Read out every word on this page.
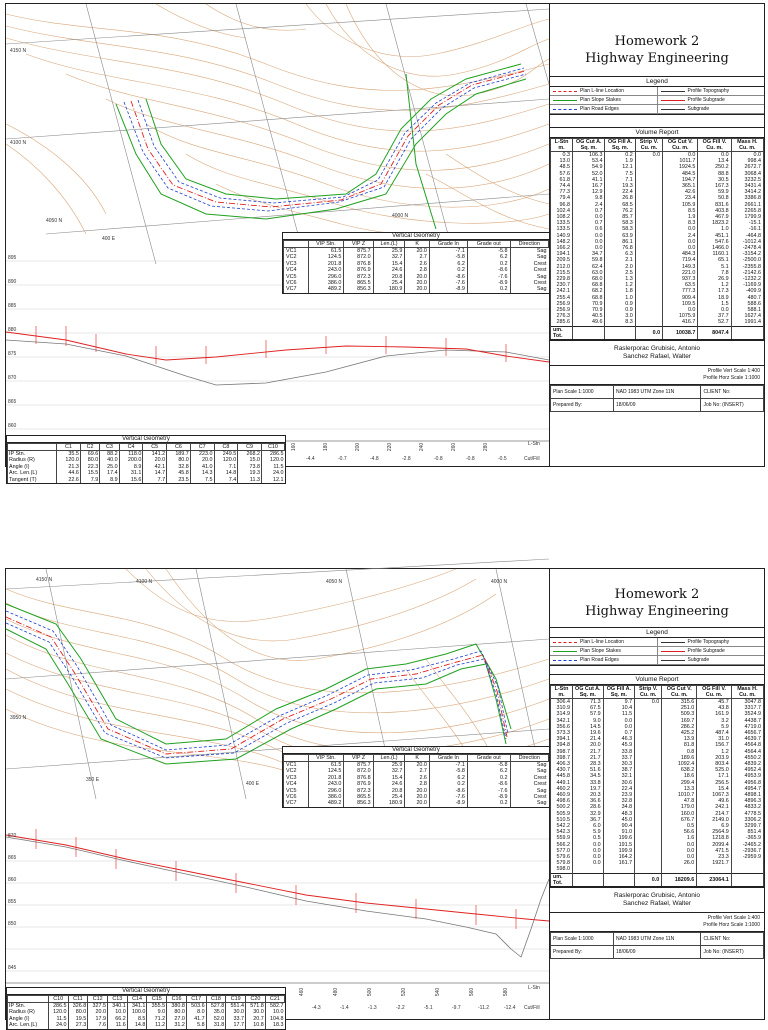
4150 N
4100 N
4050 N
400 E
4000 N
895
890
885
880
875
870
865
860
160	180	200	220	240	260	280
-4.4	-0.7	-4.8	-2.8	-0.8	-0.8	-0.5
L-Stn
Cut/Fill
Vertical Geometry
	VIP Stn.	VIP Z	Len.(L)	K	Grade In	Grade out	Direction
VC1	61.5	875.7	25.9	20.0	-7.1	-5.8	Sag
VC2	124.5	872.0	32.7	2.7	-5.8	6.2	Sag
VC3	201.8	876.8	15.4	2.6	6.2	0.2	Crest
VC4	243.0	876.9	24.6	2.8	0.2	-8.6	Crest
VC5	296.0	872.3	20.8	20.0	-8.6	-7.6	Sag
VC6	386.0	865.5	25.4	20.0	-7.6	-8.9	Crest
VC7	489.2	856.3	180.9	20.0	-8.9	0.2	Sag
Vertical Geometry
	C1	C2	C3	C4	C5	C6	C7	C8	C9	C10
IP Stn.	35.5	69.6	88.2	118.0	141.2	189.7	223.0	249.5	268.2	286.5
Radius (R)	120.0	80.0	40.0	200.0	20.0	80.0	20.0	120.0	15.0	120.0
Angle (I)	21.3	22.3	25.0	8.9	42.1	32.8	41.0	7.1	73.8	11.5
Arc. Len.(L)	44.6	15.5	17.4	31.1	14.7	45.8	14.3	14.8	19.3	24.0
Tangent (T)	22.6	7.9	8.9	15.6	7.7	23.5	7.5	7.4	11.3	12.1
Homework 2
Highway Engineering
Legend
Plan L-line Location	Profile Topography
Plan Slope Stakes	Profile Subgrade
Plan Road Edges	Subgrade
Volume Report
L-Stn m.	OG Cut A. Sq. m.	OG Fill A. Sq. m.	Strip V. Cu. m.	OG Cut V. Cu. m.	OG Fill V. Cu. m.	Mass H. Cu. m.
0.3	106.3	0.2	0.0	0.0	0.0	0.0
13.0	53.4	1.9		1011.7	13.4	998.4
48.5	54.9	12.1		1924.5	250.2	2672.7
57.6	52.0	7.5		484.5	88.8	3068.4
61.8	41.1	7.1		194.7	30.5	3232.5
74.4	16.7	19.3		365.1	167.3	3431.4
77.3	12.9	22.4		42.6	59.9	3414.2
79.4	9.8	26.8		23.4	50.8	3386.8
96.8	2.4	68.5		105.9	831.6	2661.1
102.4	0.7	76.2		8.5	403.8	2265.8
108.2	0.0	85.7		1.9	467.9	1799.9
133.5	0.7	58.3		8.3	1823.2	-15.1
133.5	0.6	58.3		0.0	1.0	-16.1
140.9	0.0	63.9		2.4	451.1	-464.8
148.2	0.0	86.1		0.0	547.6	-1012.4
166.2	0.0	76.8		0.0	1466.0	-2478.4
194.1	34.7	6.3		484.3	1160.1	-3154.2
209.5	59.8	2.1		719.4	65.1	-2500.0
212.0	62.4	2.0		149.3	5.1	-2355.8
215.5	63.0	2.5		221.0	7.8	-2142.6
229.8	68.0	1.3		937.3	26.9	-1232.2
230.7	68.8	1.2		63.5	1.2	-1169.9
242.1	68.2	1.8		777.3	17.3	-409.9
255.4	68.8	1.0		909.4	18.9	480.7
256.9	70.9	0.9		109.5	1.5	588.6
256.9	70.9	0.9		0.0	0.0	588.1
276.3	40.5	3.0		1075.9	37.7	1627.4
285.6	49.6	8.3		416.7	52.7	1991.4
um. Tot.			0.0	10038.7	8047.4	
Raslerporac Grubisic, Antonio
Sanchez Rafael, Walter
Profile Vert Scale 1:400
Profile Horz Scale 1:1000
Plan Scale 1:1000	NAD 1983 UTM Zone 11N	CLIENT No:
Prepared By:	18/06/09	Job No: (INSERT)
4150 N	4100 N	4050 N	4000 N
3950 N
350 E
400 E
870
865
860
855
850
845
460	480	500	520	540	560	580
-4.3	-1.4	-1.3	-2.2	-5.1	-9.7	-11.2	-12.4
L-Stn
Cut/Fill
Vertical Geometry
	VIP Stn.	VIP Z	Len.(L)	K	Grade In	Grade out	Direction
VC1	61.5	875.7	25.9	20.0	-7.1	-5.8	Sag
VC2	124.5	872.0	32.7	2.7	-5.8	6.2	Sag
VC3	201.8	876.8	15.4	2.6	6.2	0.2	Crest
VC4	243.0	876.9	24.6	2.8	0.2	-8.6	Crest
VC5	296.0	872.3	20.8	20.0	-8.6	-7.6	Sag
VC6	386.0	865.5	25.4	20.0	-7.6	-8.9	Crest
VC7	489.2	856.3	180.9	20.0	-8.9	0.2	Sag
Vertical Geometry
	C10	C11	C12	C13	C14	C15	C16	C17	C18	C19	C20	C21
IP Stn.	286.5	326.8	327.5	340.1	341.1	355.5	380.8	503.6	527.8	551.4	571.8	582.7
Radius (R)	120.0	80.0	20.0	10.0	100.0	9.0	80.0	8.0	35.0	30.0	30.0	10.0
Angle (I)	11.5	19.5	17.9	66.2	8.5	71.2	27.0	41.7	52.0	33.7	20.7	104.8
Arc. Len.(L)	24.0	27.3	7.6	11.6	14.8	11.2	31.2	5.8	31.8	17.7	10.8	18.3
Homework 2
Highway Engineering
Legend
Plan L-line Location	Profile Topography
Plan Slope Stakes	Profile Subgrade
Plan Road Edges	Subgrade
Volume Report
L-Stn m.	OG Cut A. Sq. m.	OG Fill A. Sq. m.	Strip V. Cu. m.	OG Cut V. Cu. m.	OG Fill V. Cu. m.	Mass H. Cu. m.
306.4	71.3	9.7	0.0	315.6	45.7	3047.8
310.9	67.5	10.4		251.0	43.8	3317.7
314.9	57.9	11.5		509.3	161.9	3524.9
342.1	9.0	0.0		169.7	3.2	4438.7
356.6	14.5	0.0		286.2	5.9	4719.0
373.3	19.6	0.7		425.2	487.4	4656.7
394.1	21.4	46.3		13.9	31.0	4639.7
394.8	20.0	45.9		81.8	156.7	4564.8
398.7	21.7	33.8		0.8	1.2	4564.4
398.7	21.7	33.7		189.6	203.9	4550.2
406.3	28.3	30.3		1092.4	803.4	4839.2
430.7	51.6	38.7		638.2	525.0	4952.4
445.8	34.5	32.1		18.6	17.1	4953.9
449.1	33.8	30.6		299.4	256.5	4956.8
460.2	19.7	22.4		13.3	15.4	4954.7
460.9	20.3	23.9		1010.7	1067.3	4898.1
498.6	36.6	32.8		47.8	49.6	4896.3
500.2	28.6	34.8		179.0	242.1	4833.2
505.9	32.9	48.3		160.0	214.7	4778.5
510.5	36.7	45.0		676.7	2149.0	3306.2
542.2	6.0	90.4		0.5	6.9	3299.7
542.3	5.9	91.0		56.6	2564.9	851.4
559.9	0.5	199.6		1.6	1218.8	-365.9
566.2	0.0	191.5		0.0	2099.4	-2465.2
577.0	0.0	199.9		0.0	471.5	-2936.7
579.6	0.0	164.2		0.0	23.3	-2959.9
579.8	0.0	161.7		26.0	1921.7	
598.0						
um. Tot.			0.0	18209.6	23064.1	
Raslerporac Grubisic, Antonio
Sanchez Rafael, Walter
Profile Vert Scale 1:400
Profile Horz Scale 1:1000
Plan Scale 1:1000	NAD 1983 UTM Zone 11N	CLIENT No:
Prepared By:	18/06/09	Job No: (INSERT)
